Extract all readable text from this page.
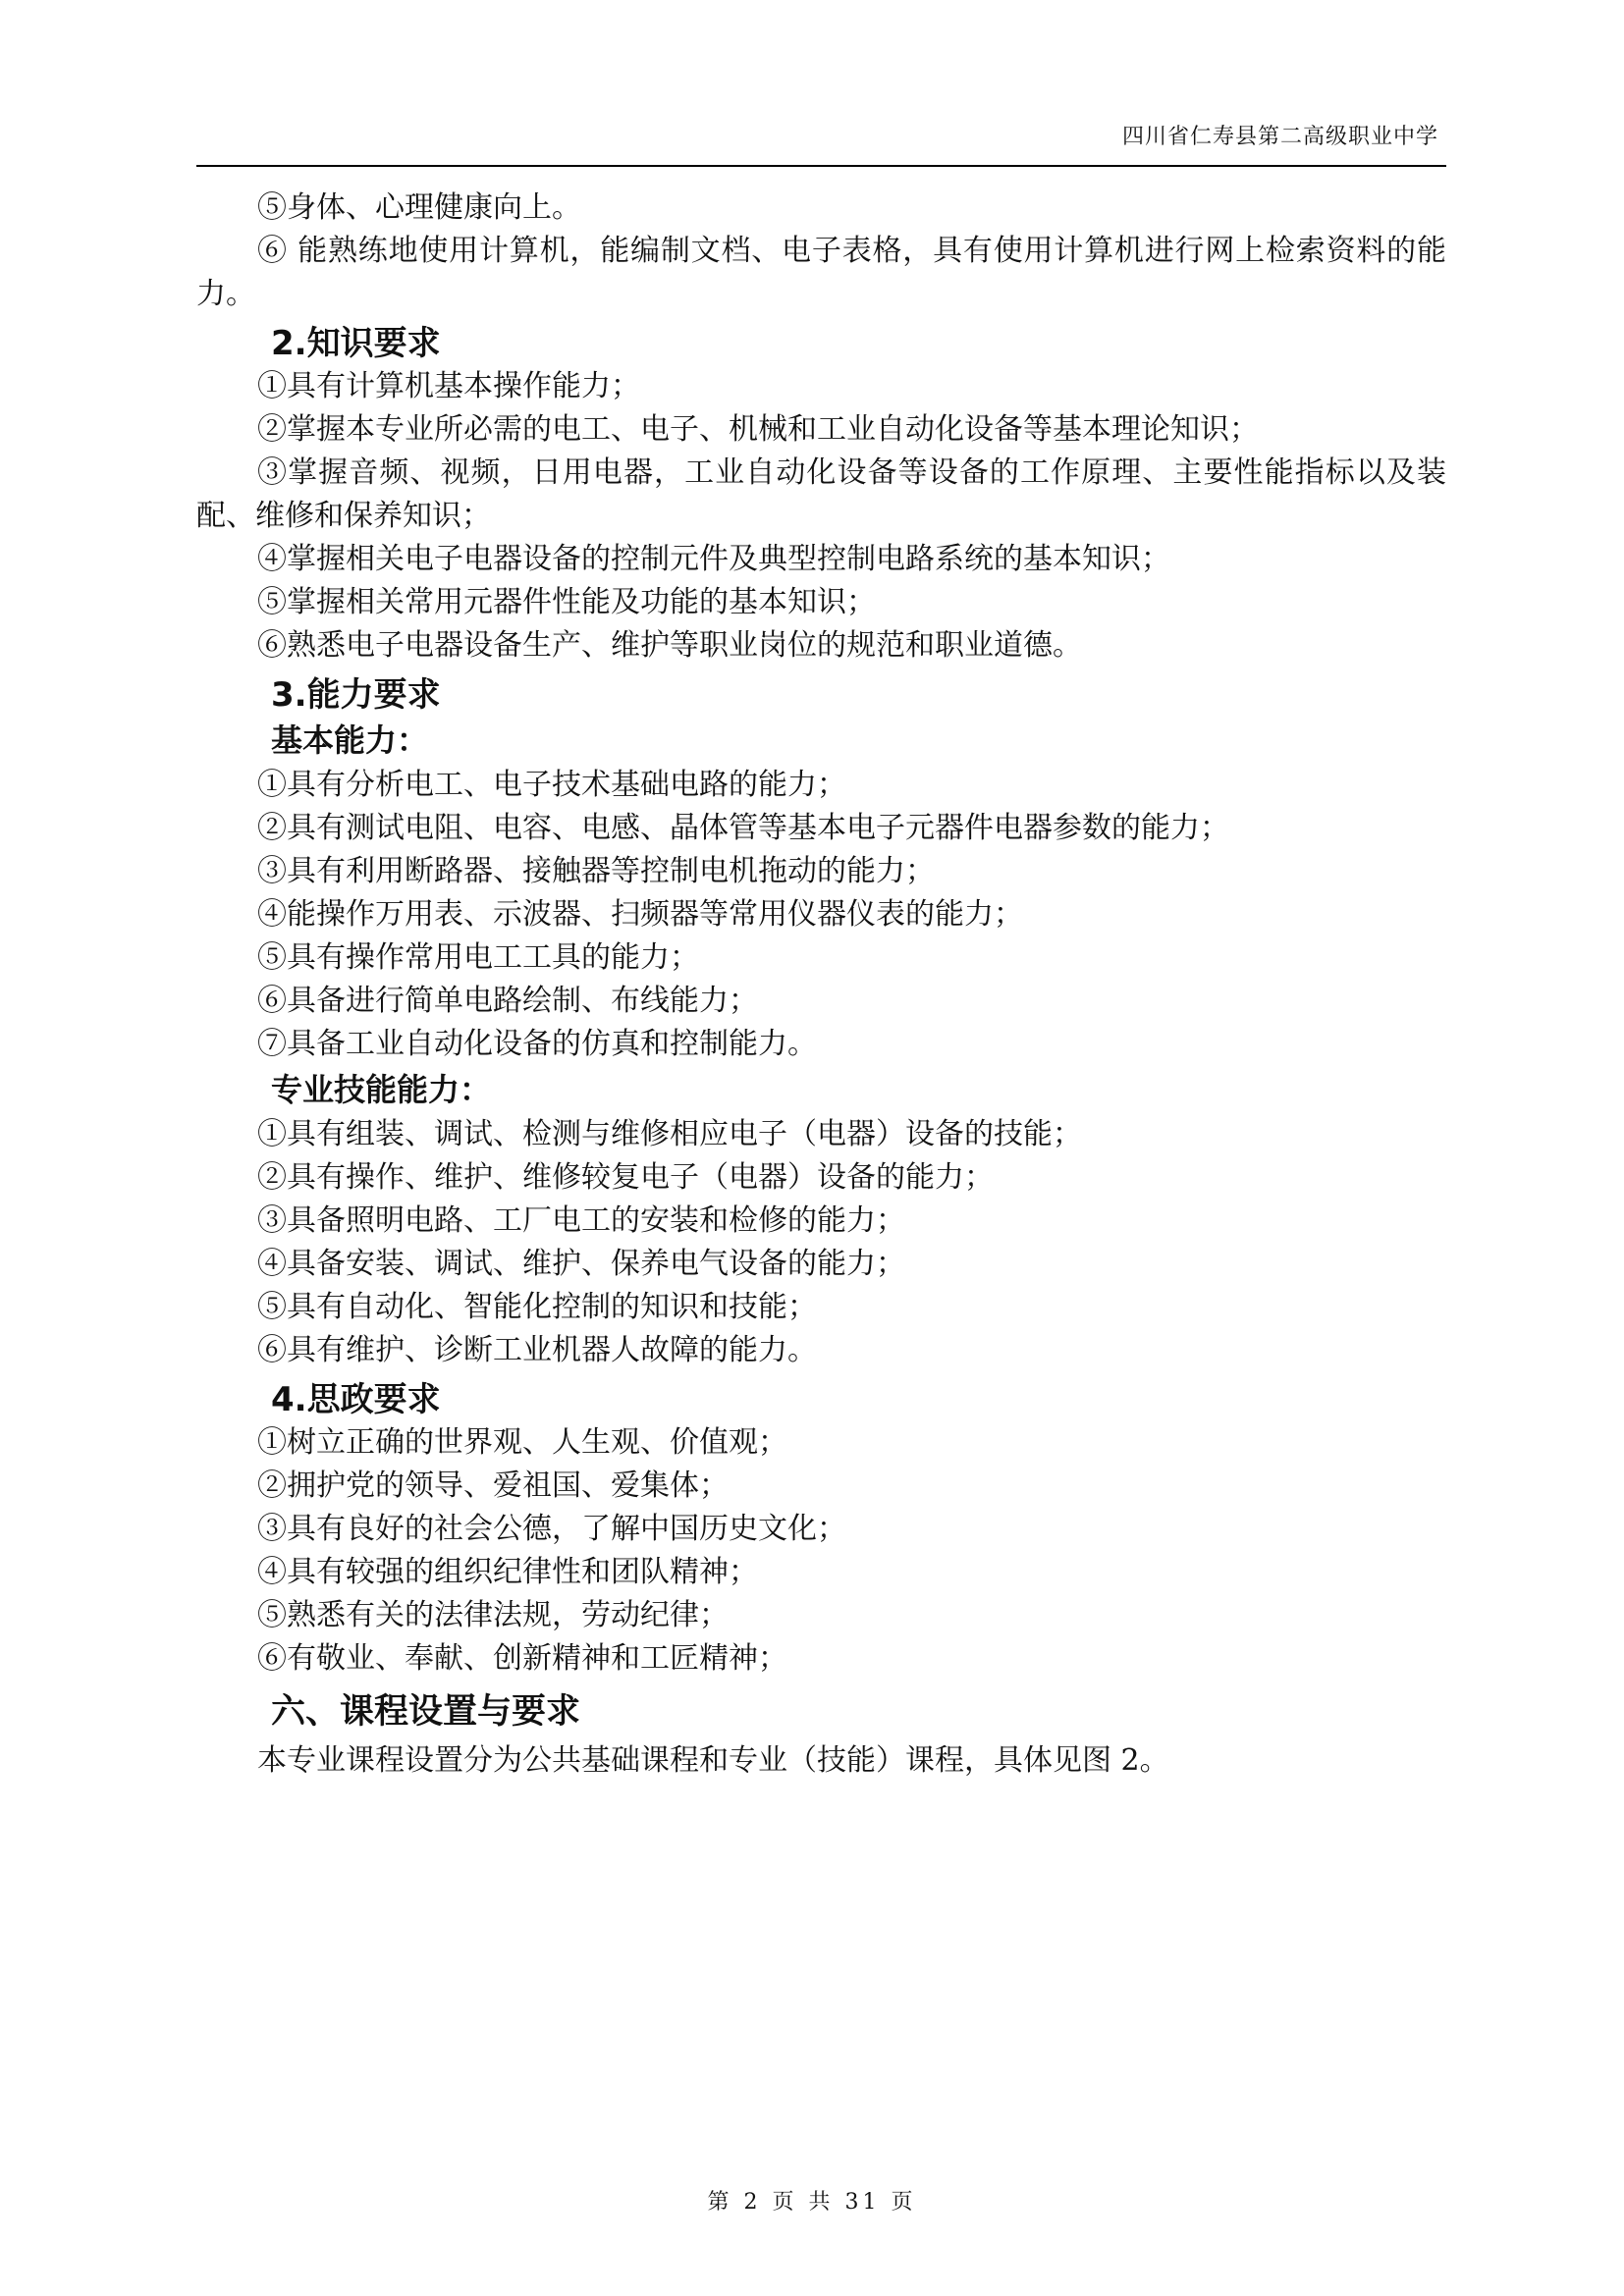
四川省仁寿县第二高级职业中学
⑤身体、心理健康向上。
⑥ 能熟练地使用计算机，能编制文档、电子表格，具有使用计算机进行网上检索资料的能力。
2.知识要求
①具有计算机基本操作能力；
②掌握本专业所必需的电工、电子、机械和工业自动化设备等基本理论知识；
③掌握音频、视频，日用电器，工业自动化设备等设备的工作原理、主要性能指标以及装配、维修和保养知识；
④掌握相关电子电器设备的控制元件及典型控制电路系统的基本知识；
⑤掌握相关常用元器件性能及功能的基本知识；
⑥熟悉电子电器设备生产、维护等职业岗位的规范和职业道德。
3.能力要求
基本能力：
①具有分析电工、电子技术基础电路的能力；
②具有测试电阻、电容、电感、晶体管等基本电子元器件电器参数的能力；
③具有利用断路器、接触器等控制电机拖动的能力；
④能操作万用表、示波器、扫频器等常用仪器仪表的能力；
⑤具有操作常用电工工具的能力；
⑥具备进行简单电路绘制、布线能力；
⑦具备工业自动化设备的仿真和控制能力。
专业技能能力：
①具有组装、调试、检测与维修相应电子（电器）设备的技能；
②具有操作、维护、维修较复电子（电器）设备的能力；
③具备照明电路、工厂电工的安装和检修的能力；
④具备安装、调试、维护、保养电气设备的能力；
⑤具有自动化、智能化控制的知识和技能；
⑥具有维护、诊断工业机器人故障的能力。
4.思政要求
①树立正确的世界观、人生观、价值观；
②拥护党的领导、爱祖国、爱集体；
③具有良好的社会公德，了解中国历史文化；
④具有较强的组织纪律性和团队精神；
⑤熟悉有关的法律法规，劳动纪律；
⑥有敬业、奉献、创新精神和工匠精神；
六、课程设置与要求
本专业课程设置分为公共基础课程和专业（技能）课程，具体见图 2。
第 2 页 共 31 页
